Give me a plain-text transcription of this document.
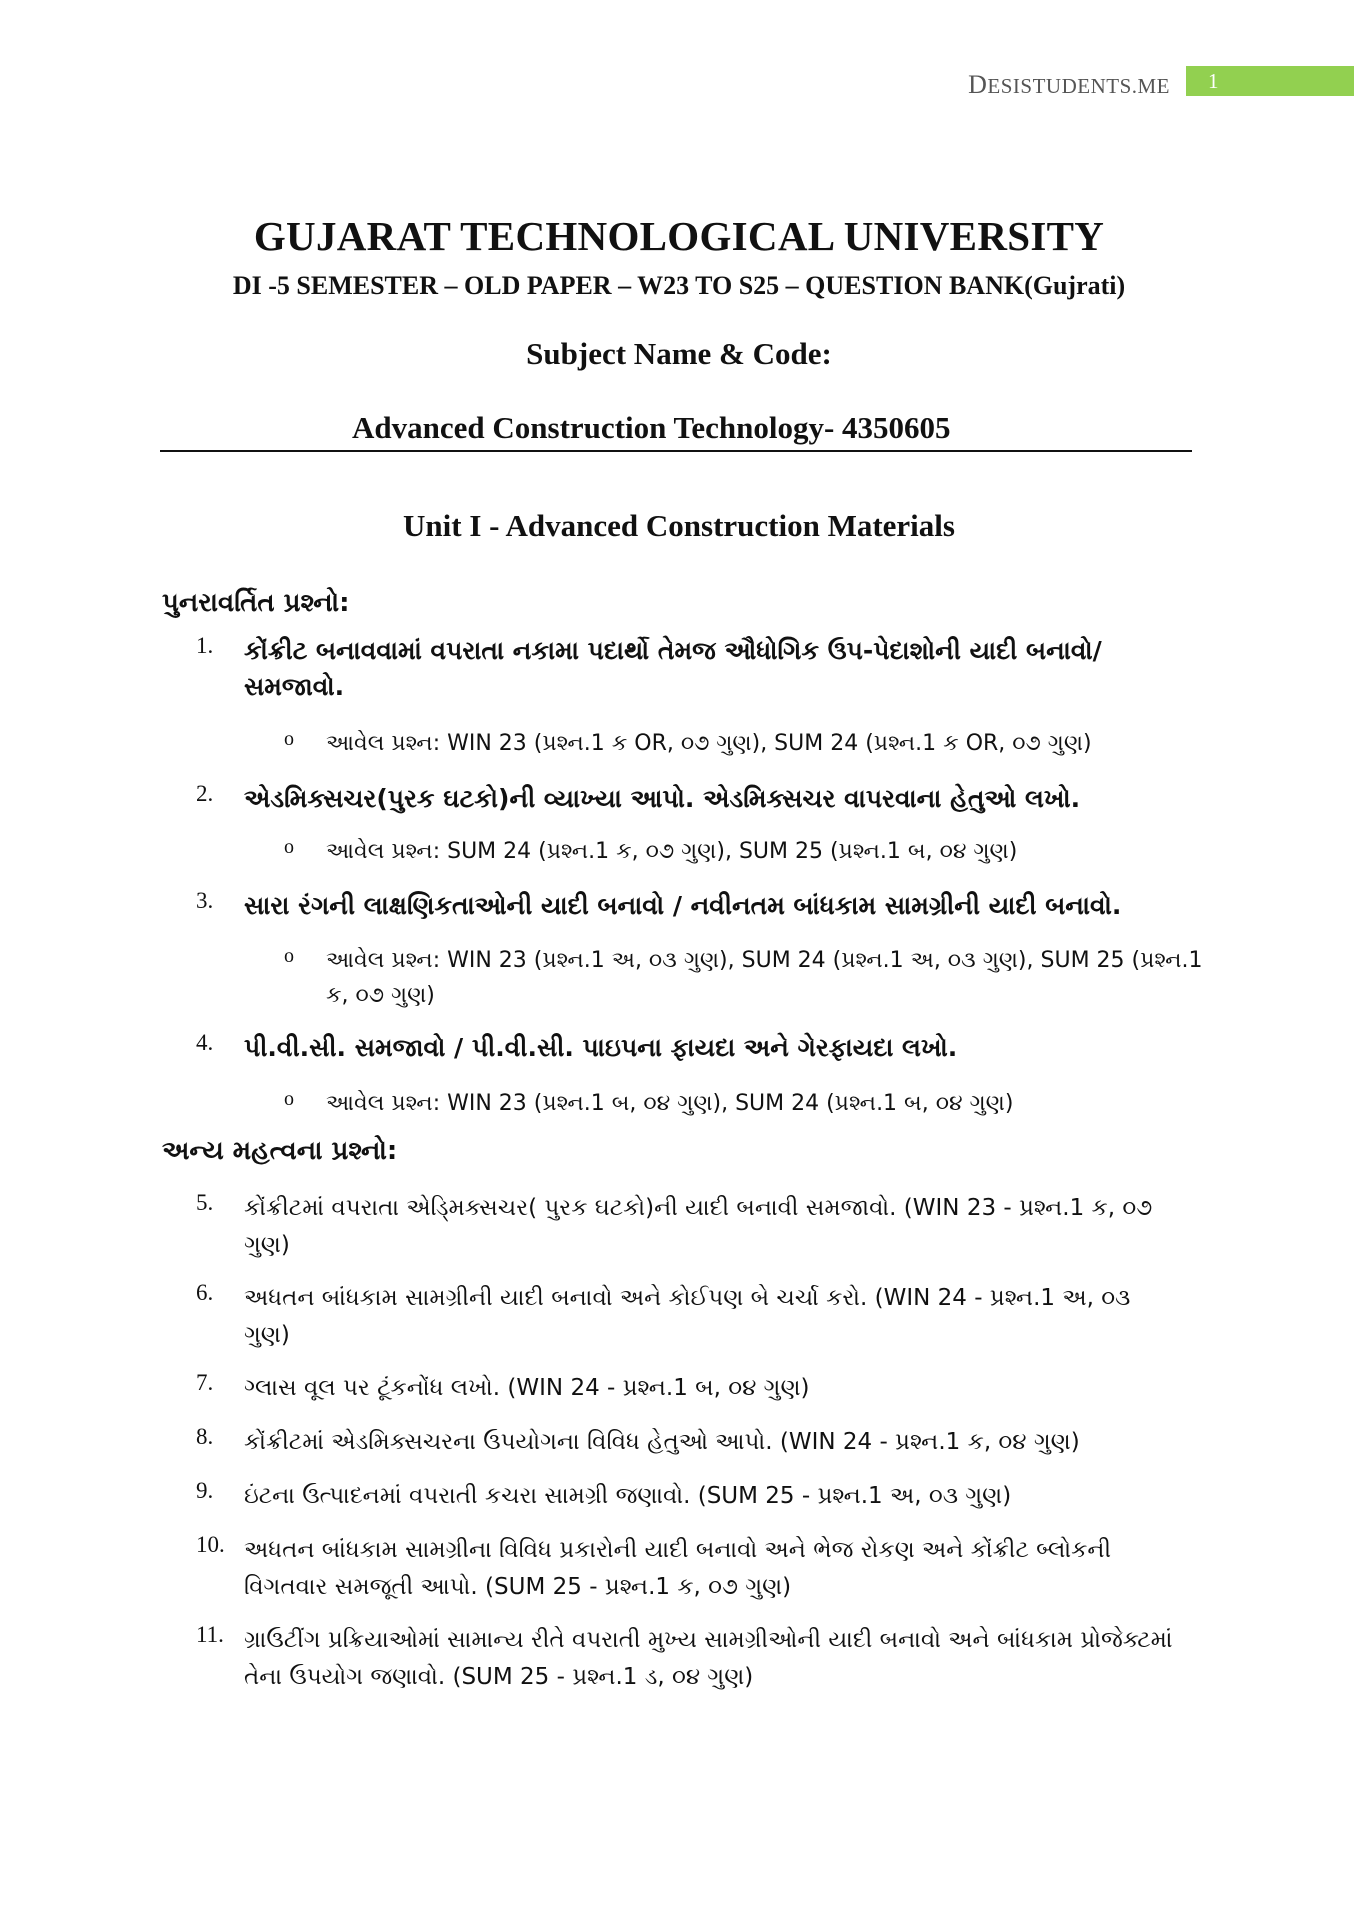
DESISTUDENTS.ME 1
GUJARAT TECHNOLOGICAL UNIVERSITY
DI -5 SEMESTER – OLD PAPER – W23 TO S25 – QUESTION BANK(Gujrati)
Subject Name & Code:
Advanced Construction Technology- 4350605
Unit I - Advanced Construction Materials
પુનરાવર્તિત પ્રશ્નો:
1.	કોંક્રીટ બનાવવામાં વપરાતા નકામા પદાર્થો તેમજ ઔધોગિક ઉપ-પેદાશોની યાદી બનાવો/સમજાવો.
o આવેલ પ્રશ્ન: WIN 23 (પ્રશ્ન.1 ક OR, ૦૭ ગુણ), SUM 24 (પ્રશ્ન.1 ક OR, ૦૭ ગુણ)
2.	એડમિક્સચર(પુરક ઘટકો)ની વ્યાખ્યા આપો. એડમિક્સચર વાપરવાના હેતુઓ લખો.
o આવેલ પ્રશ્ન: SUM 24 (પ્રશ્ન.1 ક, ૦૭ ગુણ), SUM 25 (પ્રશ્ન.1 બ, ૦૪ ગુણ)
3.	સારા રંગની લાક્ષણિકતાઓની યાદી બનાવો / નવીનતમ બાંધકામ સામગ્રીની યાદી બનાવો.
o આવેલ પ્રશ્ન: WIN 23 (પ્રશ્ન.1 અ, ૦૩ ગુણ), SUM 24 (પ્રશ્ન.1 અ, ૦૩ ગુણ), SUM 25 (પ્રશ્ન.1 ક, ૦૭ ગુણ)
4.	પી.વી.સી. સમજાવો / પી.વી.સી. પાઇપના ફાયદા અને ગેરફાયદા લખો.
o આવેલ પ્રશ્ન: WIN 23 (પ્રશ્ન.1 બ, ૦૪ ગુણ), SUM 24 (પ્રશ્ન.1 બ, ૦૪ ગુણ)
અન્ય મહત્વના પ્રશ્નો:
5.	કોંક્રીટમાં વપરાતા એડ્મિક્સચર( પુરક ઘટકો)ની યાદી બનાવી સમજાવો. (WIN 23 - પ્રશ્ન.1 ક, ૦૭ ગુણ)
6.	અધતન બાંધકામ સામગ્રીની યાદી બનાવો અને કોઈપણ બે ચર્ચા કરો. (WIN 24 - પ્રશ્ન.1 અ, ૦૩ ગુણ)
7.	ગ્લાસ વૂલ પર ટૂંકનોંધ લખો. (WIN 24 - પ્રશ્ન.1 બ, ૦૪ ગુણ)
8.	કોંક્રીટમાં એડમિક્સચરના ઉપયોગના વિવિધ હેતુઓ આપો. (WIN 24 - પ્રશ્ન.1 ક, ૦૪ ગુણ)
9.	ઇંટના ઉત્પાદનમાં વપરાતી કચરા સામગ્રી જણાવો. (SUM 25 - પ્રશ્ન.1 અ, ૦૩ ગુણ)
10. અધતન બાંધકામ સામગ્રીના વિવિધ પ્રકારોની યાદી બનાવો અને ભેજ રોકણ અને કોંક્રીટ બ્લોકની વિગતવાર સમજૂતી આપો. (SUM 25 - પ્રશ્ન.1 ક, ૦૭ ગુણ)
11. ગ્રાઉટીંગ પ્રક્રિયાઓમાં સામાન્ય રીતે વપરાતી મુખ્ય સામગ્રીઓની યાદી બનાવો અને બાંધકામ પ્રોજેક્ટમાં તેના ઉપયોગ જણાવો. (SUM 25 - પ્રશ્ન.1 ડ, ૦૪ ગુણ)
